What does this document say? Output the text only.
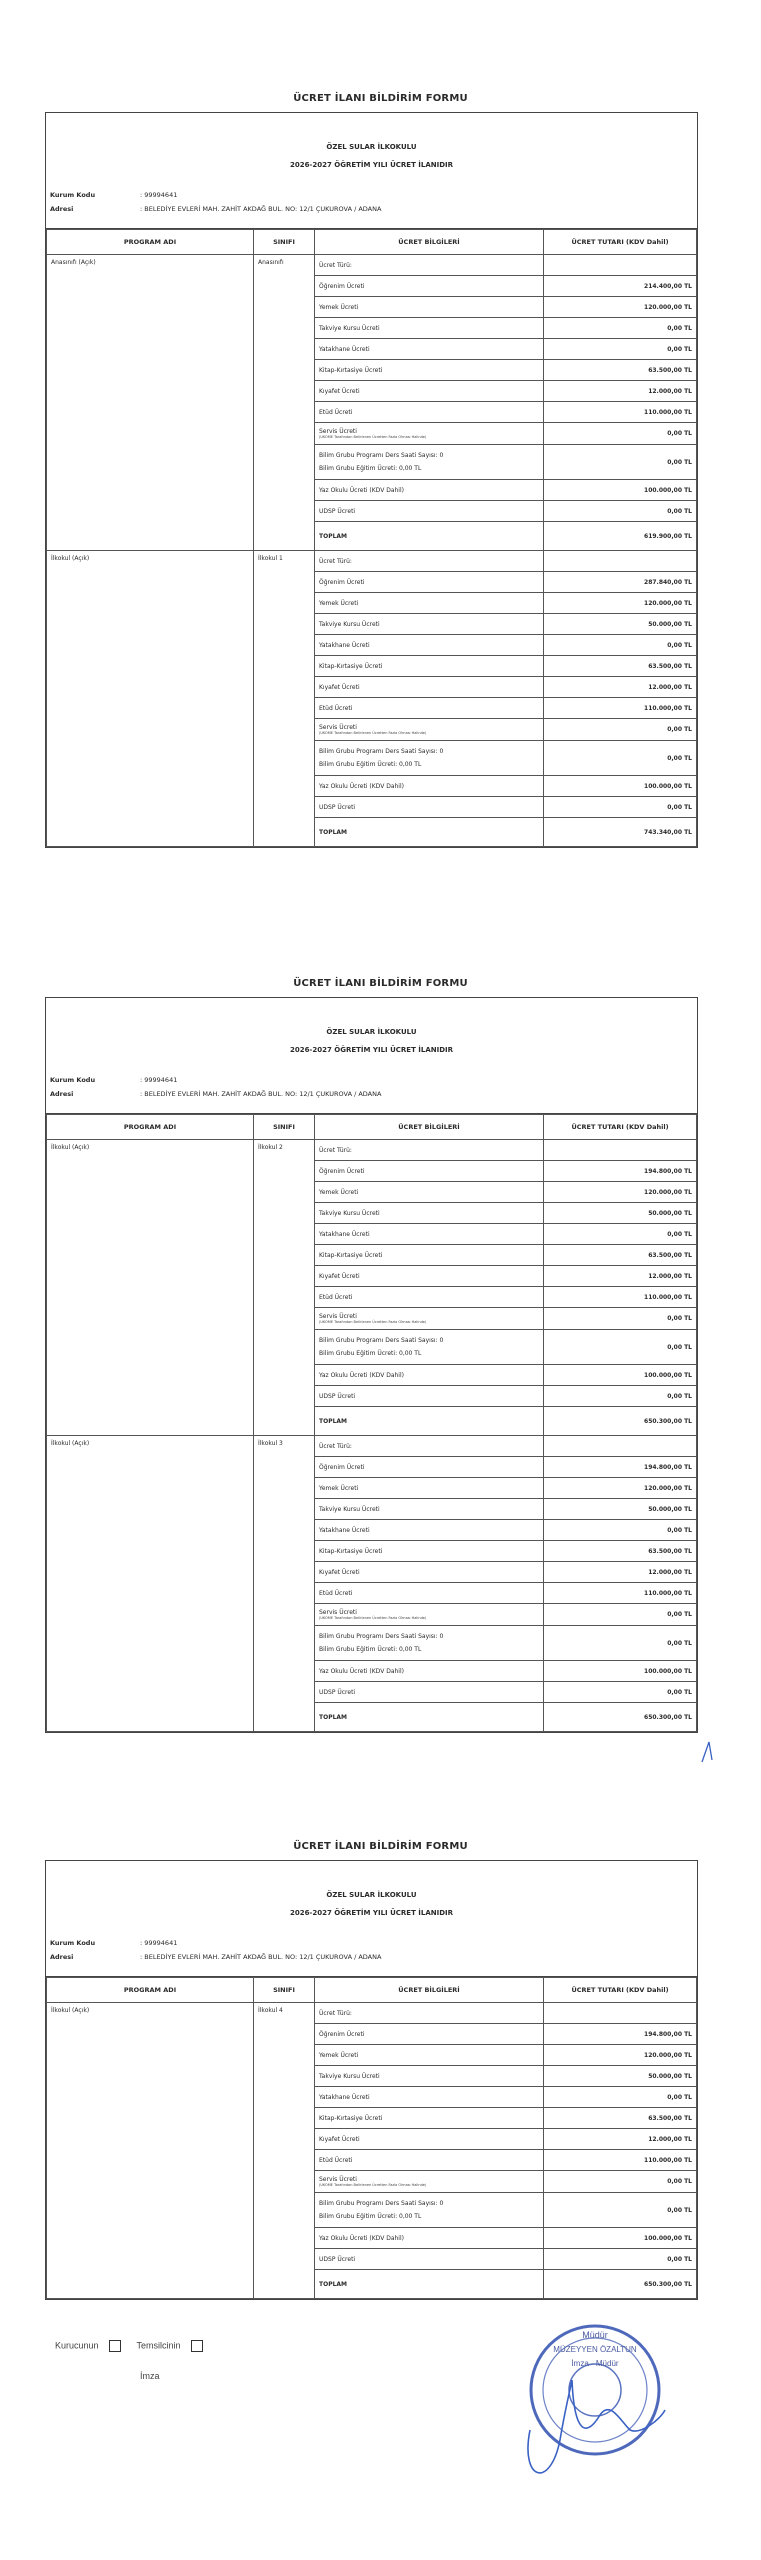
ÜCRET İLANI BİLDİRİM FORMU
ÖZEL SULAR İLKOKULU
2026-2027 ÖĞRETİM YILI ÜCRET İLANIDIR
Kurum Kodu	: 99994641
Adresi	: BELEDİYE EVLERİ MAH. ZAHİT AKDAĞ BUL. NO: 12/1 ÇUKUROVA / ADANA
PROGRAM ADI	SINIFI	ÜCRET BİLGİLERİ	ÜCRET TUTARI (KDV Dahil)
Anasınıfı (Açık)	Anasınıfı	Ücret Türü:	
		Öğrenim Ücreti	214.400,00 TL
		Yemek Ücreti	120.000,00 TL
		Takviye Kursu Ücreti	0,00 TL
		Yatakhane Ücreti	0,00 TL
		Kitap-Kırtasiye Ücreti	63.500,00 TL
		Kıyafet Ücreti	12.000,00 TL
		Etüd Ücreti	110.000,00 TL
		Servis Ücreti
(UKOME Tarafından Belirlenen Ücretten Fazla Olması Halinde)	0,00 TL
		Bilim Grubu Programı Ders Saati Sayısı: 0
Bilim Grubu Eğitim Ücreti: 0,00 TL	0,00 TL
		Yaz Okulu Ücreti (KDV Dahil)	100.000,00 TL
		UDSP Ücreti	0,00 TL
		TOPLAM	619.900,00 TL
İlkokul (Açık)	İlkokul 1	Ücret Türü:	
		Öğrenim Ücreti	287.840,00 TL
		Yemek Ücreti	120.000,00 TL
		Takviye Kursu Ücreti	50.000,00 TL
		Yatakhane Ücreti	0,00 TL
		Kitap-Kırtasiye Ücreti	63.500,00 TL
		Kıyafet Ücreti	12.000,00 TL
		Etüd Ücreti	110.000,00 TL
		Servis Ücreti
(UKOME Tarafından Belirlenen Ücretten Fazla Olması Halinde)	0,00 TL
		Bilim Grubu Programı Ders Saati Sayısı: 0
Bilim Grubu Eğitim Ücreti: 0,00 TL	0,00 TL
		Yaz Okulu Ücreti (KDV Dahil)	100.000,00 TL
		UDSP Ücreti	0,00 TL
		TOPLAM	743.340,00 TL
ÜCRET İLANI BİLDİRİM FORMU
ÖZEL SULAR İLKOKULU
2026-2027 ÖĞRETİM YILI ÜCRET İLANIDIR
Kurum Kodu	: 99994641
Adresi	: BELEDİYE EVLERİ MAH. ZAHİT AKDAĞ BUL. NO: 12/1 ÇUKUROVA / ADANA
PROGRAM ADI	SINIFI	ÜCRET BİLGİLERİ	ÜCRET TUTARI (KDV Dahil)
İlkokul (Açık)	İlkokul 2	Ücret Türü:	
		Öğrenim Ücreti	194.800,00 TL
		Yemek Ücreti	120.000,00 TL
		Takviye Kursu Ücreti	50.000,00 TL
		Yatakhane Ücreti	0,00 TL
		Kitap-Kırtasiye Ücreti	63.500,00 TL
		Kıyafet Ücreti	12.000,00 TL
		Etüd Ücreti	110.000,00 TL
		Servis Ücreti
(UKOME Tarafından Belirlenen Ücretten Fazla Olması Halinde)	0,00 TL
		Bilim Grubu Programı Ders Saati Sayısı: 0
Bilim Grubu Eğitim Ücreti: 0,00 TL	0,00 TL
		Yaz Okulu Ücreti (KDV Dahil)	100.000,00 TL
		UDSP Ücreti	0,00 TL
		TOPLAM	650.300,00 TL
İlkokul (Açık)	İlkokul 3	Ücret Türü:	
		Öğrenim Ücreti	194.800,00 TL
		Yemek Ücreti	120.000,00 TL
		Takviye Kursu Ücreti	50.000,00 TL
		Yatakhane Ücreti	0,00 TL
		Kitap-Kırtasiye Ücreti	63.500,00 TL
		Kıyafet Ücreti	12.000,00 TL
		Etüd Ücreti	110.000,00 TL
		Servis Ücreti
(UKOME Tarafından Belirlenen Ücretten Fazla Olması Halinde)	0,00 TL
		Bilim Grubu Programı Ders Saati Sayısı: 0
Bilim Grubu Eğitim Ücreti: 0,00 TL	0,00 TL
		Yaz Okulu Ücreti (KDV Dahil)	100.000,00 TL
		UDSP Ücreti	0,00 TL
		TOPLAM	650.300,00 TL
ÜCRET İLANI BİLDİRİM FORMU
ÖZEL SULAR İLKOKULU
2026-2027 ÖĞRETİM YILI ÜCRET İLANIDIR
Kurum Kodu	: 99994641
Adresi	: BELEDİYE EVLERİ MAH. ZAHİT AKDAĞ BUL. NO: 12/1 ÇUKUROVA / ADANA
PROGRAM ADI	SINIFI	ÜCRET BİLGİLERİ	ÜCRET TUTARI (KDV Dahil)
İlkokul (Açık)	İlkokul 4	Ücret Türü:	
		Öğrenim Ücreti	194.800,00 TL
		Yemek Ücreti	120.000,00 TL
		Takviye Kursu Ücreti	50.000,00 TL
		Yatakhane Ücreti	0,00 TL
		Kitap-Kırtasiye Ücreti	63.500,00 TL
		Kıyafet Ücreti	12.000,00 TL
		Etüd Ücreti	110.000,00 TL
		Servis Ücreti
(UKOME Tarafından Belirlenen Ücretten Fazla Olması Halinde)	0,00 TL
		Bilim Grubu Programı Ders Saati Sayısı: 0
Bilim Grubu Eğitim Ücreti: 0,00 TL	0,00 TL
		Yaz Okulu Ücreti (KDV Dahil)	100.000,00 TL
		UDSP Ücreti	0,00 TL
		TOPLAM	650.300,00 TL
Kurucunun	Temsilcinin
İmza
Müdür
MÜZEYYEN ÖZALTUN
İmza - Müdür
